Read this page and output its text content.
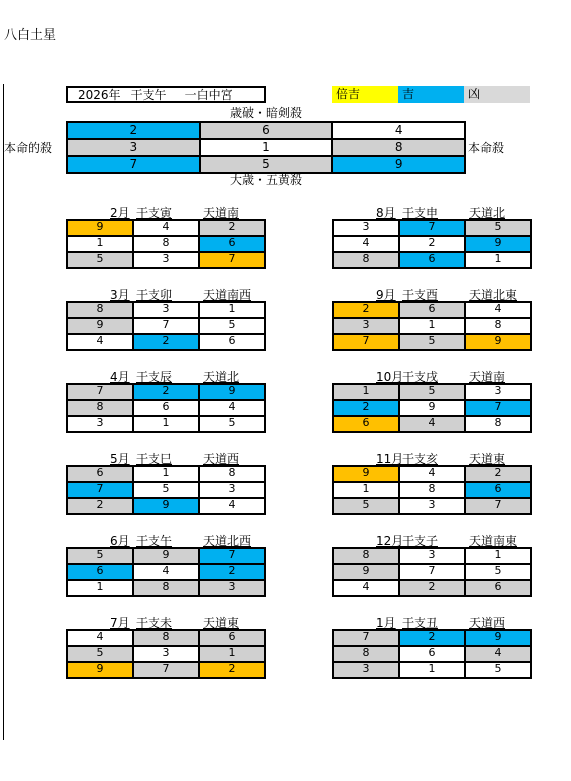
八白土星
2026年 干支午 一白中宮	倍吉	吉	凶
歳破・暗剣殺
大歳・五黄殺
本命的殺	本命殺
2	6	4
3	1	8
7	5	9
2月 干支寅	天道南
9	4	2
1	8	6
5	3	7
8月 干支申	天道北
3	7	5
4	2	9
8	6	1
3月 干支卯	天道南西
8	3	1
9	7	5
4	2	6
9月 干支酉	天道北東
2	6	4
3	1	8
7	5	9
4月 干支辰	天道北
7	2	9
8	6	4
3	1	5
10月
干支戌	天道南
1	5	3
2	9	7
6	4	8
5月 干支巳	天道西
6	1	8
7	5	3
2	9	4
11月
干支亥	天道東
9	4	2
1	8	6
5	3	7
6月 干支午	天道北西
5	9	7
6	4	2
1	8	3
12月
干支子	天道南東
8	3	1
9	7	5
4	2	6
7月 干支未	天道東
4	8	6
5	3	1
9	7	2
1月 干支丑	天道西
7	2	9
8	6	4
3	1	5
